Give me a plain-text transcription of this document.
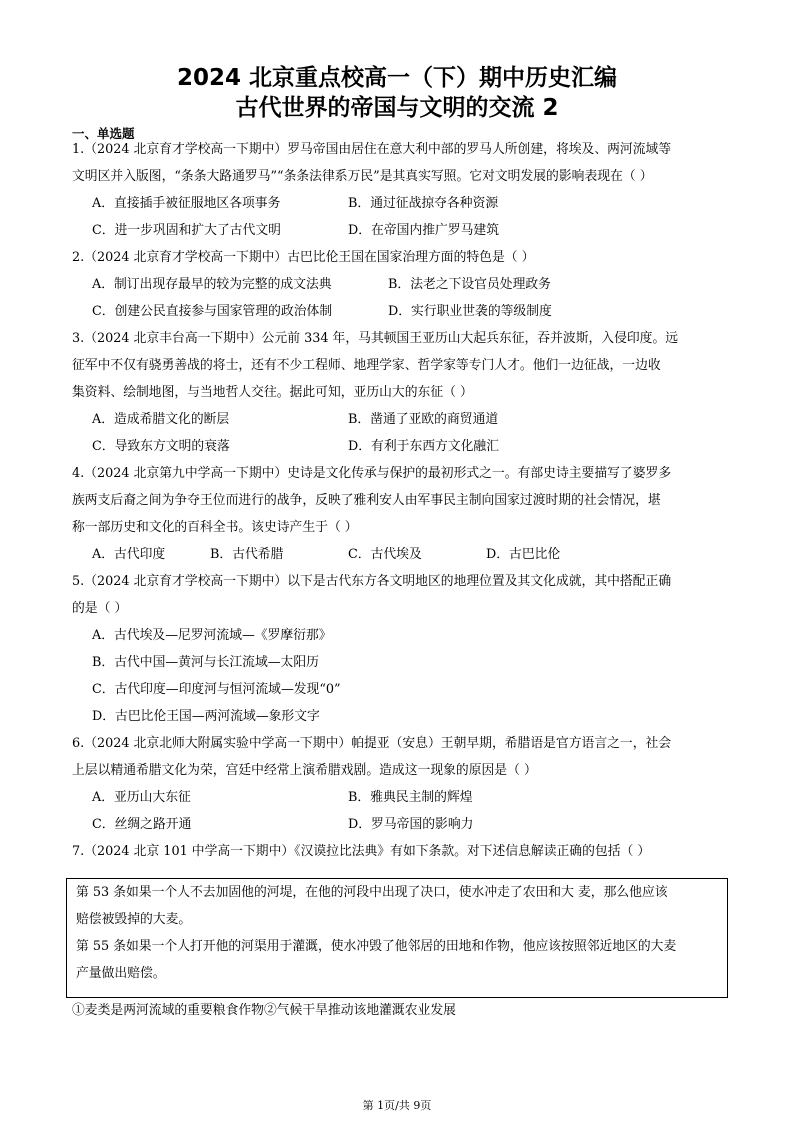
2024 北京重点校高一（下）期中历史汇编
古代世界的帝国与文明的交流 2
一、单选题
1.（2024 北京育才学校高一下期中）罗马帝国由居住在意大利中部的罗马人所创建，将埃及、两河流域等
文明区并入版图，“条条大路通罗马”“条条法律系万民”是其真实写照。它对文明发展的影响表现在（ ）
A．直接插手被征服地区各项事务	B．通过征战掠夺各种资源
C．进一步巩固和扩大了古代文明	D．在帝国内推广罗马建筑
2.（2024 北京育才学校高一下期中）古巴比伦王国在国家治理方面的特色是（ ）
A．制订出现存最早的较为完整的成文法典	B．法老之下设官员处理政务
C．创建公民直接参与国家管理的政治体制	D．实行职业世袭的等级制度
3.（2024 北京丰台高一下期中）公元前 334 年，马其顿国王亚历山大起兵东征，吞并波斯，入侵印度。远
征军中不仅有骁勇善战的将士，还有不少工程师、地理学家、哲学家等专门人才。他们一边征战，一边收
集资料、绘制地图，与当地哲人交往。据此可知，亚历山大的东征（ ）
A．造成希腊文化的断层	B．凿通了亚欧的商贸通道
C．导致东方文明的衰落	D．有利于东西方文化融汇
4.（2024 北京第九中学高一下期中）史诗是文化传承与保护的最初形式之一。有部史诗主要描写了婆罗多
族两支后裔之间为争夺王位而进行的战争，反映了雅利安人由军事民主制向国家过渡时期的社会情况，堪
称一部历史和文化的百科全书。该史诗产生于（ ）
A．古代印度	B．古代希腊	C．古代埃及	D．古巴比伦
5.（2024 北京育才学校高一下期中）以下是古代东方各文明地区的地理位置及其文化成就，其中搭配正确
的是（ ）
A．古代埃及—尼罗河流域—《罗摩衍那》
B．古代中国—黄河与长江流域—太阳历
C．古代印度—印度河与恒河流域—发现“0”
D．古巴比伦王国—两河流域—象形文字
6.（2024 北京北师大附属实验中学高一下期中）帕提亚（安息）王朝早期，希腊语是官方语言之一，社会
上层以精通希腊文化为荣，宫廷中经常上演希腊戏剧。造成这一现象的原因是（ ）
A．亚历山大东征	B．雅典民主制的辉煌
C．丝绸之路开通	D．罗马帝国的影响力
7.（2024 北京 101 中学高一下期中）《汉谟拉比法典》有如下条款。对下述信息解读正确的包括（ ）
第 53 条如果一个人不去加固他的河堤，在他的河段中出现了决口，使水冲走了农田和大 麦，那么他应该
赔偿被毁掉的大麦。
第 55 条如果一个人打开他的河渠用于灌溉，使水冲毁了他邻居的田地和作物，他应该按照邻近地区的大麦
产量做出赔偿。
①麦类是两河流域的重要粮食作物②气候干旱推动该地灌溉农业发展
第 1页/共 9页
